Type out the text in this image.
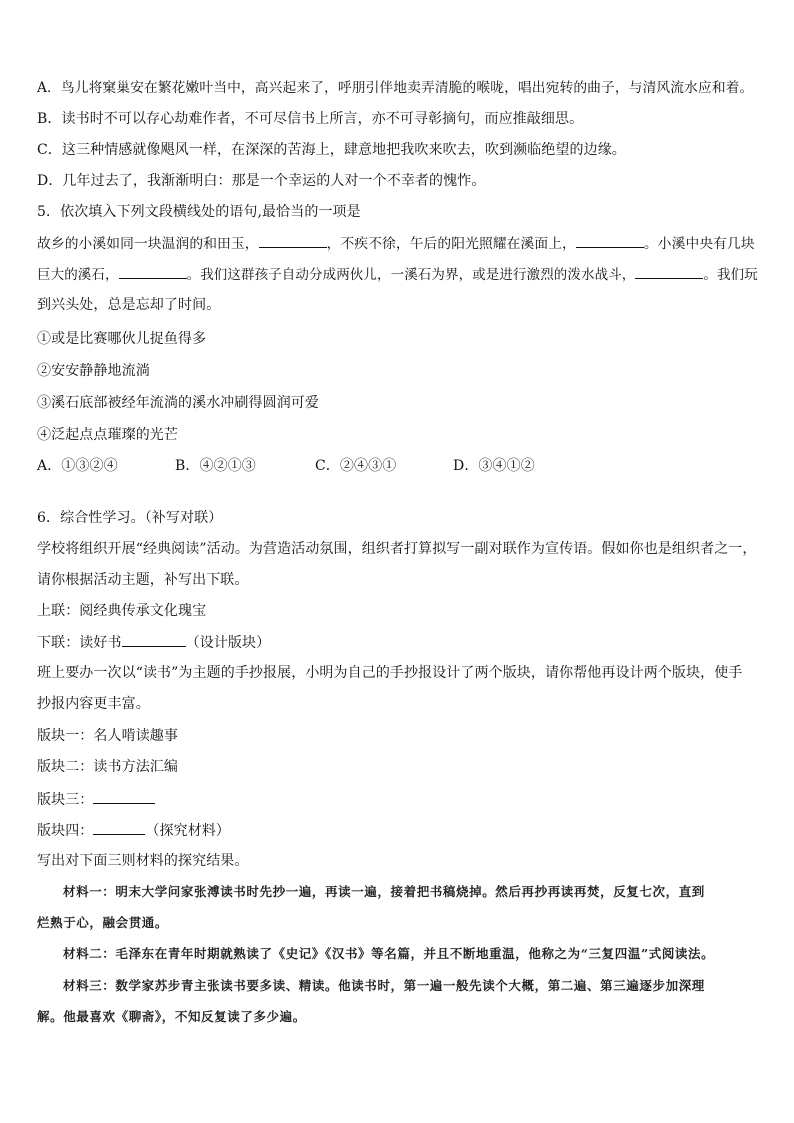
A．鸟儿将窠巢安在繁花嫩叶当中，高兴起来了，呼朋引伴地卖弄清脆的喉咙，唱出宛转的曲子，与清风流水应和着。
B．读书时不可以存心劫难作者，不可尽信书上所言，亦不可寻彰摘句，而应推敲细思。
C．这三种情感就像飓风一样，在深深的苦海上，肆意地把我吹来吹去，吹到濒临绝望的边缘。
D．几年过去了，我渐渐明白：那是一个幸运的人对一个不幸者的愧怍。
5．依次填入下列文段横线处的语句,最恰当的一项是
故乡的小溪如同一块温润的和田玉，	，不疾不徐，午后的阳光照耀在溪面上，	。小溪中央有几块
巨大的溪石，	。我们这群孩子自动分成两伙儿，一溪石为界，或是进行激烈的泼水战斗，	。我们玩
到兴头处，总是忘却了时间。
①或是比赛哪伙儿捉鱼得多
②安安静静地流淌
③溪石底部被经年流淌的溪水冲刷得圆润可爱
④泛起点点璀璨的光芒
A．①③②④	B．④②①③	C．②④③①	D．③④①②
6．综合性学习。（补写对联）
学校将组织开展“经典阅读”活动。为营造活动氛围，组织者打算拟写一副对联作为宣传语。假如你也是组织者之一，
请你根据活动主题，补写出下联。
上联：阅经典传承文化瑰宝
下联：读好书	（设计版块）
班上要办一次以“读书”为主题的手抄报展，小明为自己的手抄报设计了两个版块，请你帮他再设计两个版块，使手
抄报内容更丰富。
版块一：名人啃读趣事
版块二：读书方法汇编
版块三：
版块四：	（探究材料）
写出对下面三则材料的探究结果。
材料一：明末大学问家张溥读书时先抄一遍，再读一遍，接着把书稿烧掉。然后再抄再读再焚，反复七次，直到
烂熟于心，融会贯通。
材料二：毛泽东在青年时期就熟读了《史记》《汉书》等名篇，并且不断地重温，他称之为“三复四温”式阅读法。
材料三：数学家苏步青主张读书要多读、精读。他读书时，第一遍一般先读个大概，第二遍、第三遍逐步加深理
解。他最喜欢《聊斋》，不知反复读了多少遍。
